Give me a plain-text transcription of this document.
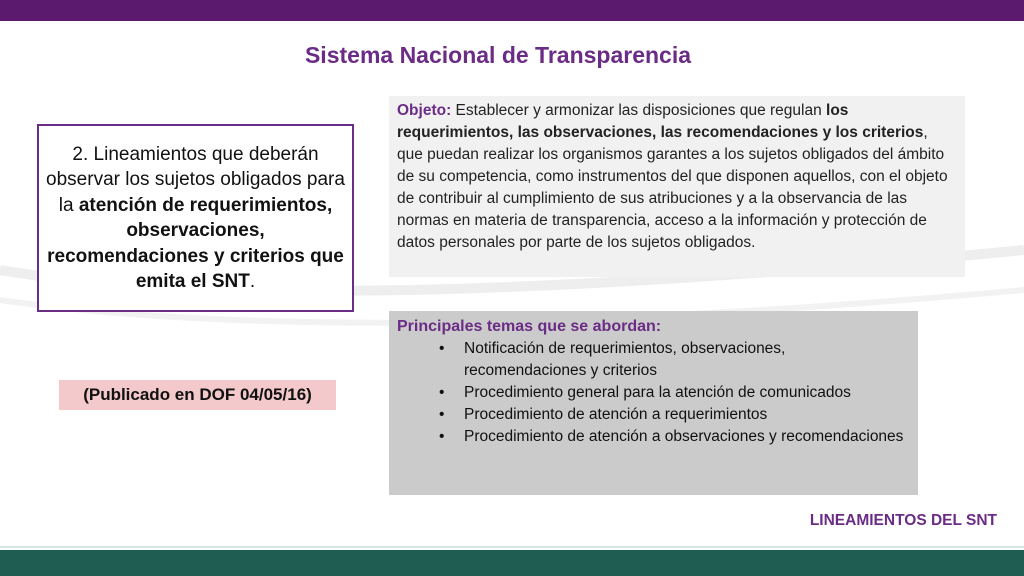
Sistema Nacional de Transparencia
2. Lineamientos que deberán observar los sujetos obligados para la atención de requerimientos, observaciones, recomendaciones y criterios que emita el SNT.
(Publicado en DOF 04/05/16)
Objeto: Establecer y armonizar las disposiciones que regulan los requerimientos, las observaciones, las recomendaciones y los criterios, que puedan realizar los organismos garantes a los sujetos obligados del ámbito de su competencia, como instrumentos del que disponen aquellos, con el objeto de contribuir al cumplimiento de sus atribuciones y a la observancia de las normas en materia de transparencia, acceso a la información y protección de datos personales por parte de los sujetos obligados.
Principales temas que se abordan:
• Notificación de requerimientos, observaciones, recomendaciones y criterios
• Procedimiento general para la atención de comunicados
• Procedimiento de atención a requerimientos
• Procedimiento de atención a observaciones y recomendaciones
LINEAMIENTOS DEL SNT
